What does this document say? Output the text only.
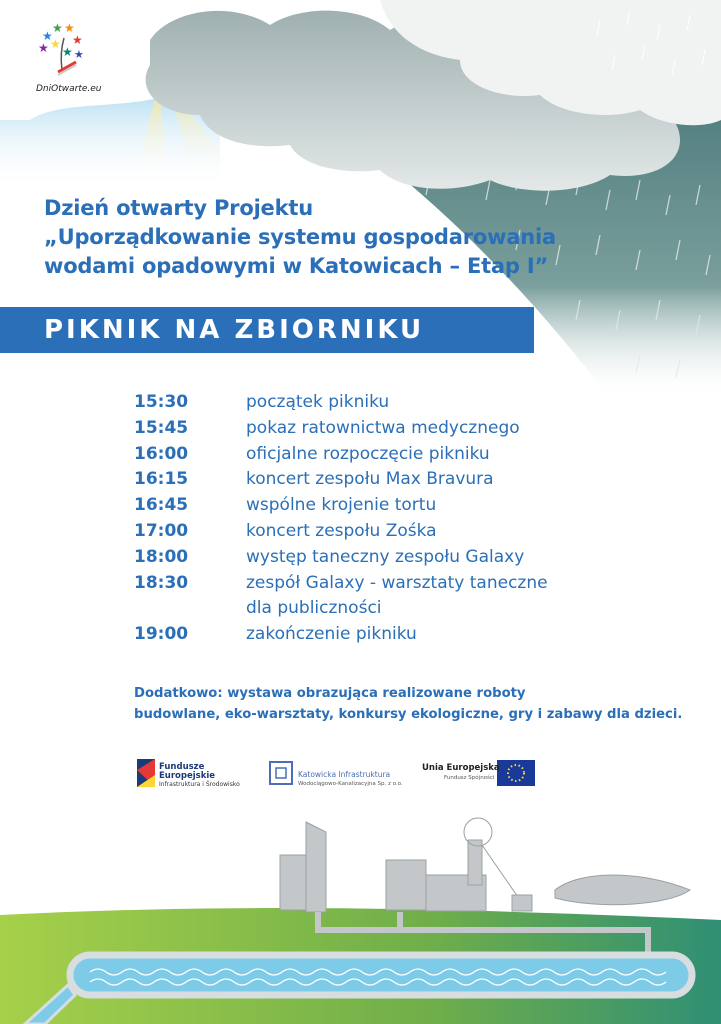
★
★ ★
★
★ ★
★ ★
DniOtwarte.eu
Dzień otwarty Projektu
„Uporządkowanie systemu gospodarowania
wodami opadowymi w Katowicach – Etap I”
PIKNIK NA ZBIORNIKU
15:30	początek pikniku
15:45	pokaz ratownictwa medycznego
16:00	oficjalne rozpoczęcie pikniku
16:15	koncert zespołu Max Bravura
16:45	wspólne krojenie tortu
17:00	koncert zespołu Zośka
18:00	występ taneczny zespołu Galaxy
18:30	zespół Galaxy - warsztaty taneczne
dla publiczności
19:00	zakończenie pikniku
Dodatkowo: wystawa obrazująca realizowane roboty
budowlane, eko-warsztaty, konkursy ekologiczne, gry i zabawy dla dzieci.
Fundusze Europejskie
Infrastruktura i Środowisko
Katowicka Infrastruktura
Wodociągowo-Kanalizacyjna Sp. z o.o.
Unia Europejska
Fundusz Spójności
